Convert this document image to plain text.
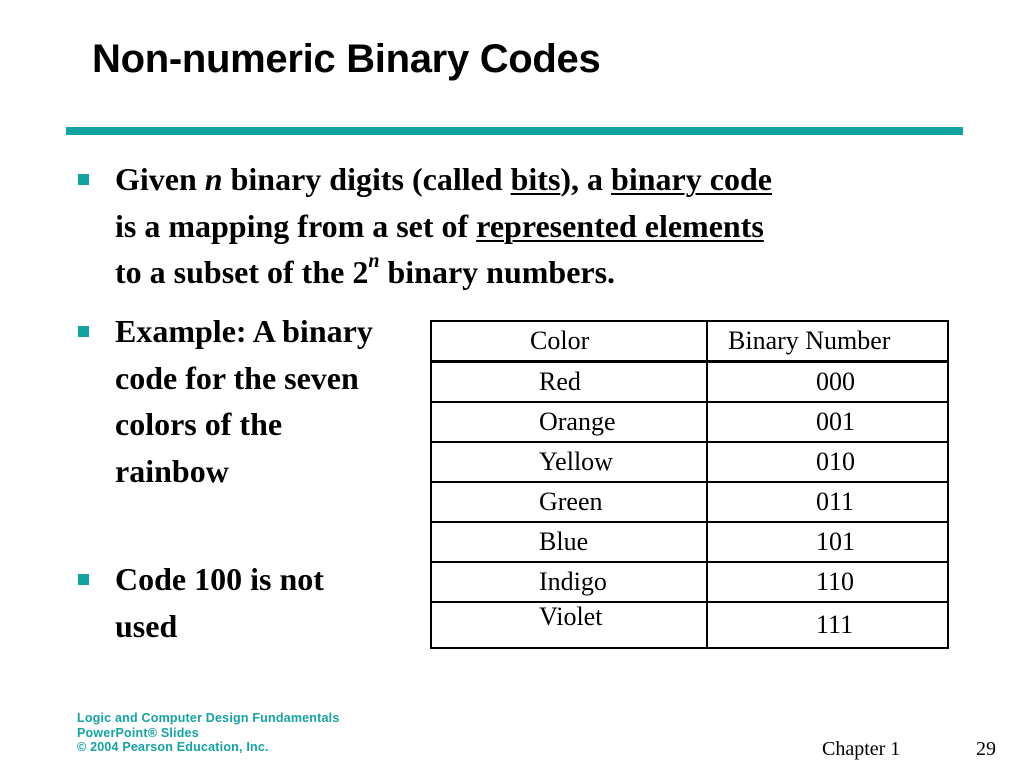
Non-numeric Binary Codes
Given n binary digits (called bits), a binary code
is a mapping from a set of represented elements
to a subset of the 2$^n$ binary numbers.
Example: A binary code for the seven colors of the rainbow
Code 100 is not used
Color	Binary Number
Red	000
Orange	001
Yellow	010
Green	011
Blue	101
Indigo	110
Violet	111
Logic and Computer Design Fundamentals
PowerPoint® Slides
© 2004 Pearson Education, Inc.	Chapter 1	29
